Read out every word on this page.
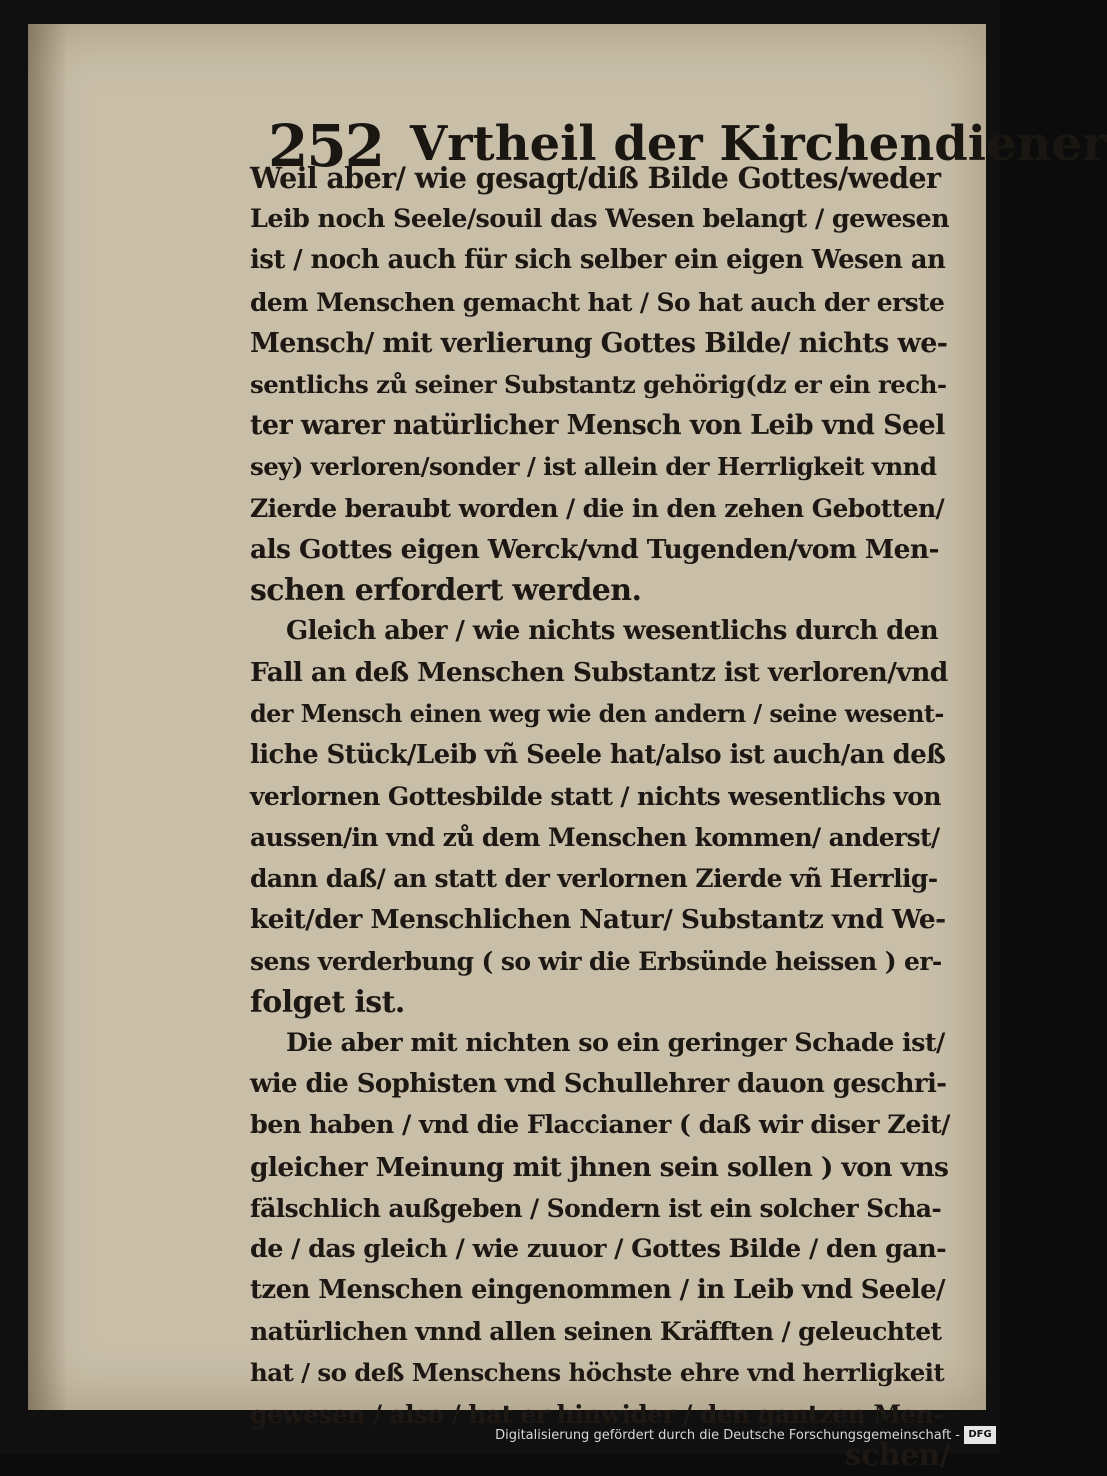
252 Vrtheil der Kirchendiener
Weil aber/ wie gesagt/diß Bilde Gottes/weder
Leib noch Seele/souil das Wesen belangt / gewesen
ist / noch auch für sich selber ein eigen Wesen an
dem Menschen gemacht hat / So hat auch der erste
Mensch/ mit verlierung Gottes Bilde/ nichts we-
sentlichs zů seiner Substantz gehörig(dz er ein rech-
ter warer natürlicher Mensch von Leib vnd Seel
sey) verloren/sonder / ist allein der Herrligkeit vnnd
Zierde beraubt worden / die in den zehen Gebotten/
als Gottes eigen Werck/vnd Tugenden/vom Men-
schen erfordert werden.
Gleich aber / wie nichts wesentlichs durch den
Fall an deß Menschen Substantz ist verloren/vnd
der Mensch einen weg wie den andern / seine wesent-
liche Stück/Leib vñ Seele hat/also ist auch/an deß
verlornen Gottesbilde statt / nichts wesentlichs von
aussen/in vnd zů dem Menschen kommen/ anderst/
dann daß/ an statt der verlornen Zierde vñ Herrlig-
keit/der Menschlichen Natur/ Substantz vnd We-
sens verderbung ( so wir die Erbsünde heissen ) er-
folget ist.
Die aber mit nichten so ein geringer Schade ist/
wie die Sophisten vnd Schullehrer dauon geschri-
ben haben / vnd die Flaccianer ( daß wir diser Zeit/
gleicher Meinung mit jhnen sein sollen ) von vns
fälschlich außgeben / Sondern ist ein solcher Scha-
de / das gleich / wie zuuor / Gottes Bilde / den gan-
tzen Menschen eingenommen / in Leib vnd Seele/
natürlichen vnnd allen seinen Kräfften / geleuchtet
hat / so deß Menschens höchste ehre vnd herrligkeit
gewesen / also / hat er hinwider / den gantzen Men-
schen/
Digitalisierung gefördert durch die Deutsche Forschungsgemeinschaft - DFG
